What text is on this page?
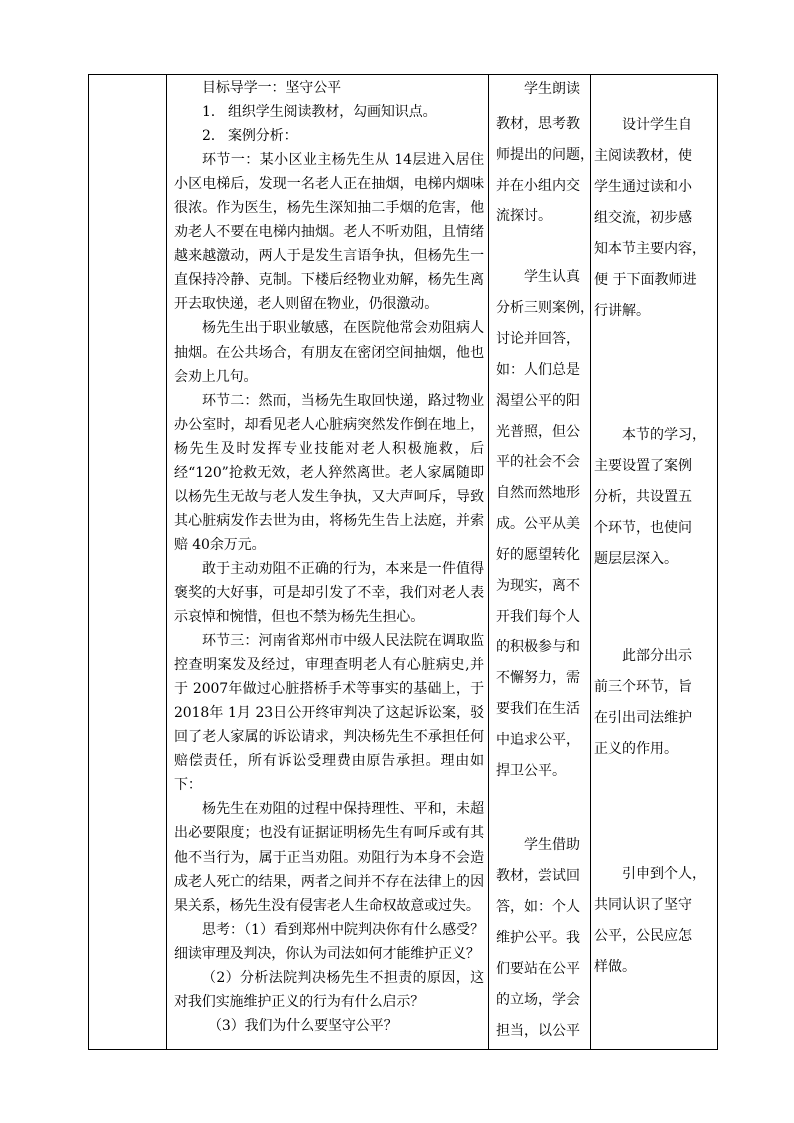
目标导学一：坚守公平

1. 组织学生阅读教材，勾画知识点。

2. 案例分析：

环节一：某小区业主杨先生从 14层进入居住小区电梯后，发现一名老人正在抽烟，电梯内烟味很浓。作为医生，杨先生深知抽二手烟的危害，他劝老人不要在电梯内抽烟。老人不听劝阻，且情绪越来越激动，两人于是发生言语争执，但杨先生一直保持冷静、克制。下楼后经物业劝解，杨先生离开去取快递，老人则留在物业，仍很激动。

杨先生出于职业敏感，在医院他常会劝阻病人抽烟。在公共场合，有朋友在密闭空间抽烟，他也会劝上几句。

环节二：然而，当杨先生取回快递，路过物业办公室时，却看见老人心脏病突然发作倒在地上，杨先生及时发挥专业技能对老人积极施救，后经“120”抢救无效，老人猝然离世。老人家属随即以杨先生无故与老人发生争执，又大声呵斥，导致其心脏病发作去世为由，将杨先生告上法庭，并索赔 40余万元。

敢于主动劝阻不正确的行为，本来是一件值得褒奖的大好事，可是却引发了不幸，我们对老人表示哀悼和惋惜，但也不禁为杨先生担心。

环节三：河南省郑州市中级人民法院在调取监控查明案发及经过，审理查明老人有心脏病史,并于 2007年做过心脏搭桥手术等事实的基础上，于 2018年 1月 23日公开终审判决了这起诉讼案，驳回了老人家属的诉讼请求，判决杨先生不承担任何赔偿责任，所有诉讼受理费由原告承担。理由如下：

杨先生在劝阻的过程中保持理性、平和，未超出必要限度；也没有证据证明杨先生有呵斥或有其他不当行为，属于正当劝阻。劝阻行为本身不会造成老人死亡的结果，两者之间并不存在法律上的因果关系，杨先生没有侵害老人生命权故意或过失。

思考：（1）看到郑州中院判决你有什么感受？细读审理及判决，你认为司法如何才能维护正义？

（2）分析法院判决杨先生不担责的原因，这对我们实施维护正义的行为有什么启示？

（3）我们为什么要坚守公平？

学生朗读
教材，思考教
师提出的问题，
并在小组内交
流探讨。
学生认真
分析三则案例，
讨论并回答，
如：人们总是
渴望公平的阳
光普照，但公
平的社会不会
自然而然地形
成。公平从美
好的愿望转化
为现实，离不
开我们每个人
的积极参与和
不懈努力，需
要我们在生活
中追求公平，
捍卫公平。
学生借助
教材，尝试回
答，如：个人
维护公平。我
们要站在公平
的立场，学会
担当，以公平
设计学生自
主阅读教材，使
学生通过读和小
组交流，初步感
知本节主要内容，
便 于下面教师进
行讲解。
本节的学习，
主要设置了案例
分析，共设置五
个环节，也使问
题层层深入。
此部分出示
前三个环节，旨
在引出司法维护
正义的作用。
引申到个人，
共同认识了坚守
公平，公民应怎
样做。
